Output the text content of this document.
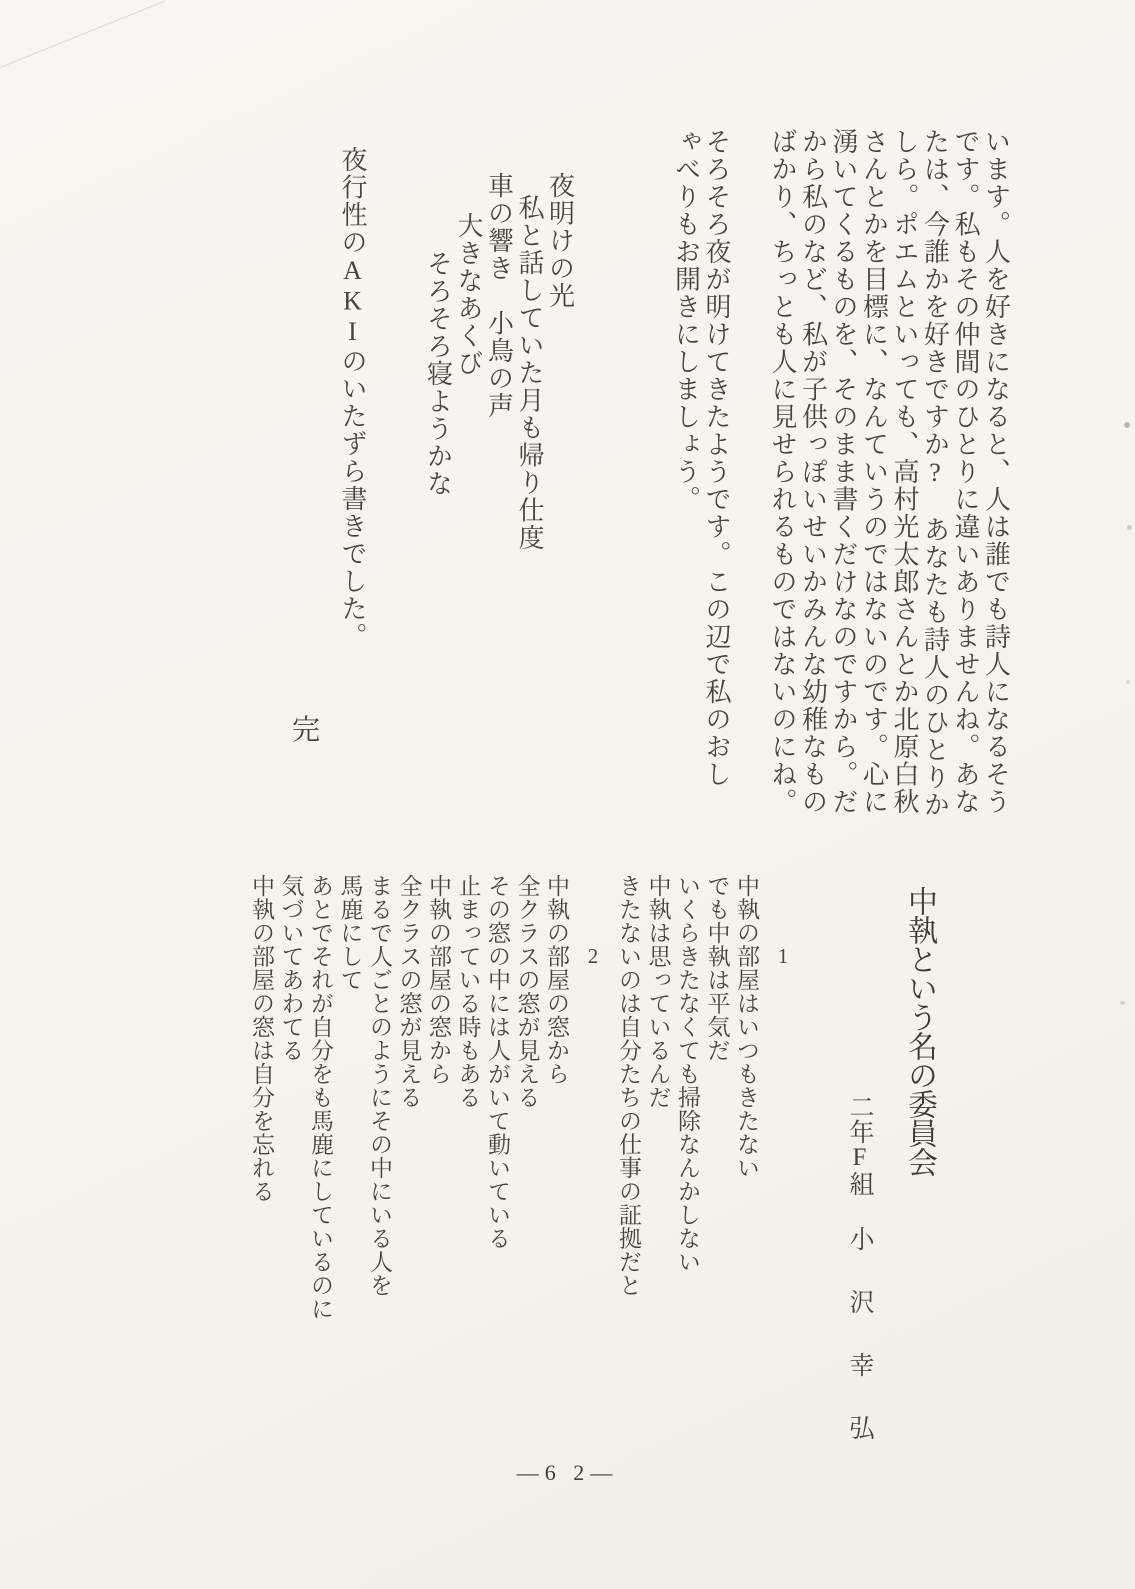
います。人を好きになると、人は誰でも詩人になるそう

です。私もその仲間のひとりに違いありませんね。あな

たは、今誰かを好きですか?　あなたも詩人のひとりか

しら。ポエムといっても、高村光太郎さんとか北原白秋

さんとかを目標に、なんていうのではないのです。心に

湧いてくるものを、そのまま書くだけなのですから。だ

から私のなど、私が子供っぽいせいかみんな幼稚なもの

ばかり、ちっとも人に見せられるものではないのにね。

そろそろ夜が明けてきたようです。この辺で私のおし

ゃべりもお開きにしましょう。

夜明けの光

私と話していた月も帰り仕度

車の響き　小鳥の声

大きなあくび

そろそろ寝ようかな

夜行性のAKIのいたずら書きでした。

完
中執という名の委員会
二年F組小沢幸弘

1

中執の部屋はいつもきたない

でも中執は平気だ

いくらきたなくても掃除なんかしない

中執は思っているんだ

きたないのは自分たちの仕事の証拠だと

2

中執の部屋の窓から

全クラスの窓が見える

その窓の中には人がいて動いている

止まっている時もある

中執の部屋の窓から

全クラスの窓が見える

まるで人ごとのようにその中にいる人を

馬鹿にして

あとでそれが自分をも馬鹿にしているのに

気づいてあわてる

中執の部屋の窓は自分を忘れる

—6 2—
